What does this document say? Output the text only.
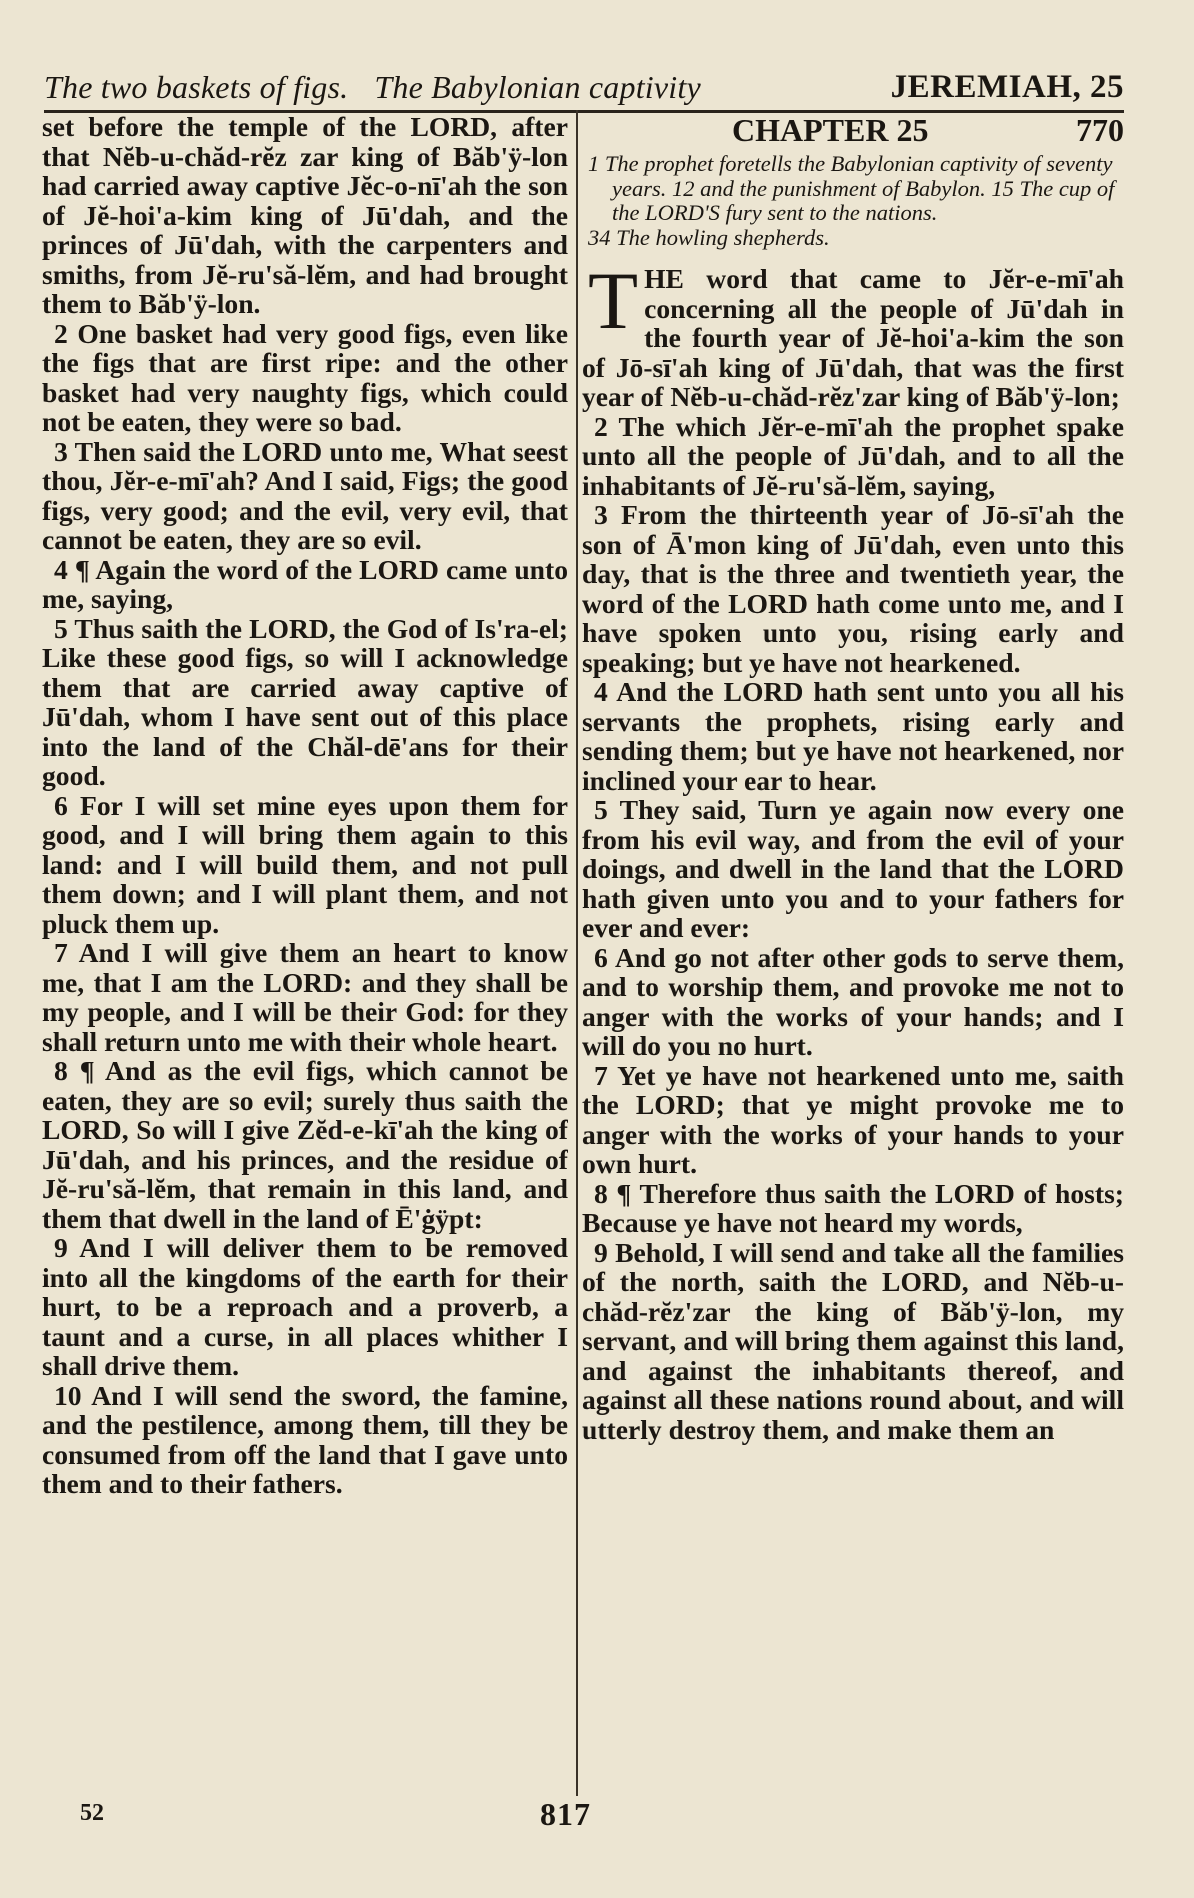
The two baskets of figs. The Babylonian captivity	JEREMIAH, 25

set before the temple of the LORD, after that Nĕb-u-chăd-rĕz zar king of Băb'ÿ-lon had carried away captive Jĕc-o-nī'ah the son of Jĕ-hoi'a-kim king of Jū'dah, and the princes of Jū'dah, with the carpenters and smiths, from Jĕ-ru'să-lĕm, and had brought them to Băb'ÿ-lon.

2 One basket had very good figs, even like the figs that are first ripe: and the other basket had very naughty figs, which could not be eaten, they were so bad.

3 Then said the LORD unto me, What seest thou, Jĕr-e-mī'ah? And I said, Figs; the good figs, very good; and the evil, very evil, that cannot be eaten, they are so evil.

4 ¶ Again the word of the LORD came unto me, saying,

5 Thus saith the LORD, the God of Is'ra-el; Like these good figs, so will I acknowledge them that are carried away captive of Jū'dah, whom I have sent out of this place into the land of the Chăl-dē'ans for their good.

6 For I will set mine eyes upon them for good, and I will bring them again to this land: and I will build them, and not pull them down; and I will plant them, and not pluck them up.

7 And I will give them an heart to know me, that I am the LORD: and they shall be my people, and I will be their God: for they shall return unto me with their whole heart.

8 ¶ And as the evil figs, which cannot be eaten, they are so evil; surely thus saith the LORD, So will I give Zĕd-e-kī'ah the king of Jū'dah, and his princes, and the residue of Jĕ-ru'să-lĕm, that remain in this land, and them that dwell in the land of Ē'ġÿpt:

9 And I will deliver them to be removed into all the kingdoms of the earth for their hurt, to be a reproach and a proverb, a taunt and a curse, in all places whither I shall drive them.

10 And I will send the sword, the famine, and the pestilence, among them, till they be consumed from off the land that I gave unto them and to their fathers.

CHAPTER 25	770

1 The prophet foretells the Babylonian captivity of seventy years. 12 and the punishment of Babylon. 15 The cup of the LORD'S fury sent to the nations.

34 The howling shepherds.

THE word that came to Jĕr-e-mī'ah concerning all the people of Jū'dah in the fourth year of Jĕ-hoi'a-kim the son of Jō-sī'ah king of Jū'dah, that was the first year of Nĕb-u-chăd-rĕz'zar king of Băb'ÿ-lon;

2 The which Jĕr-e-mī'ah the prophet spake unto all the people of Jū'dah, and to all the inhabitants of Jĕ-ru'să-lĕm, saying,

3 From the thirteenth year of Jō-sī'ah the son of Ā'mon king of Jū'dah, even unto this day, that is the three and twentieth year, the word of the LORD hath come unto me, and I have spoken unto you, rising early and speaking; but ye have not hearkened.

4 And the LORD hath sent unto you all his servants the prophets, rising early and sending them; but ye have not hearkened, nor inclined your ear to hear.

5 They said, Turn ye again now every one from his evil way, and from the evil of your doings, and dwell in the land that the LORD hath given unto you and to your fathers for ever and ever:

6 And go not after other gods to serve them, and to worship them, and provoke me not to anger with the works of your hands; and I will do you no hurt.

7 Yet ye have not hearkened unto me, saith the LORD; that ye might provoke me to anger with the works of your hands to your own hurt.

8 ¶ Therefore thus saith the LORD of hosts; Because ye have not heard my words,

9 Behold, I will send and take all the families of the north, saith the LORD, and Nĕb-u-chăd-rĕz'zar the king of Băb'ÿ-lon, my servant, and will bring them against this land, and against the inhabitants thereof, and against all these nations round about, and will utterly destroy them, and make them an

52	817
